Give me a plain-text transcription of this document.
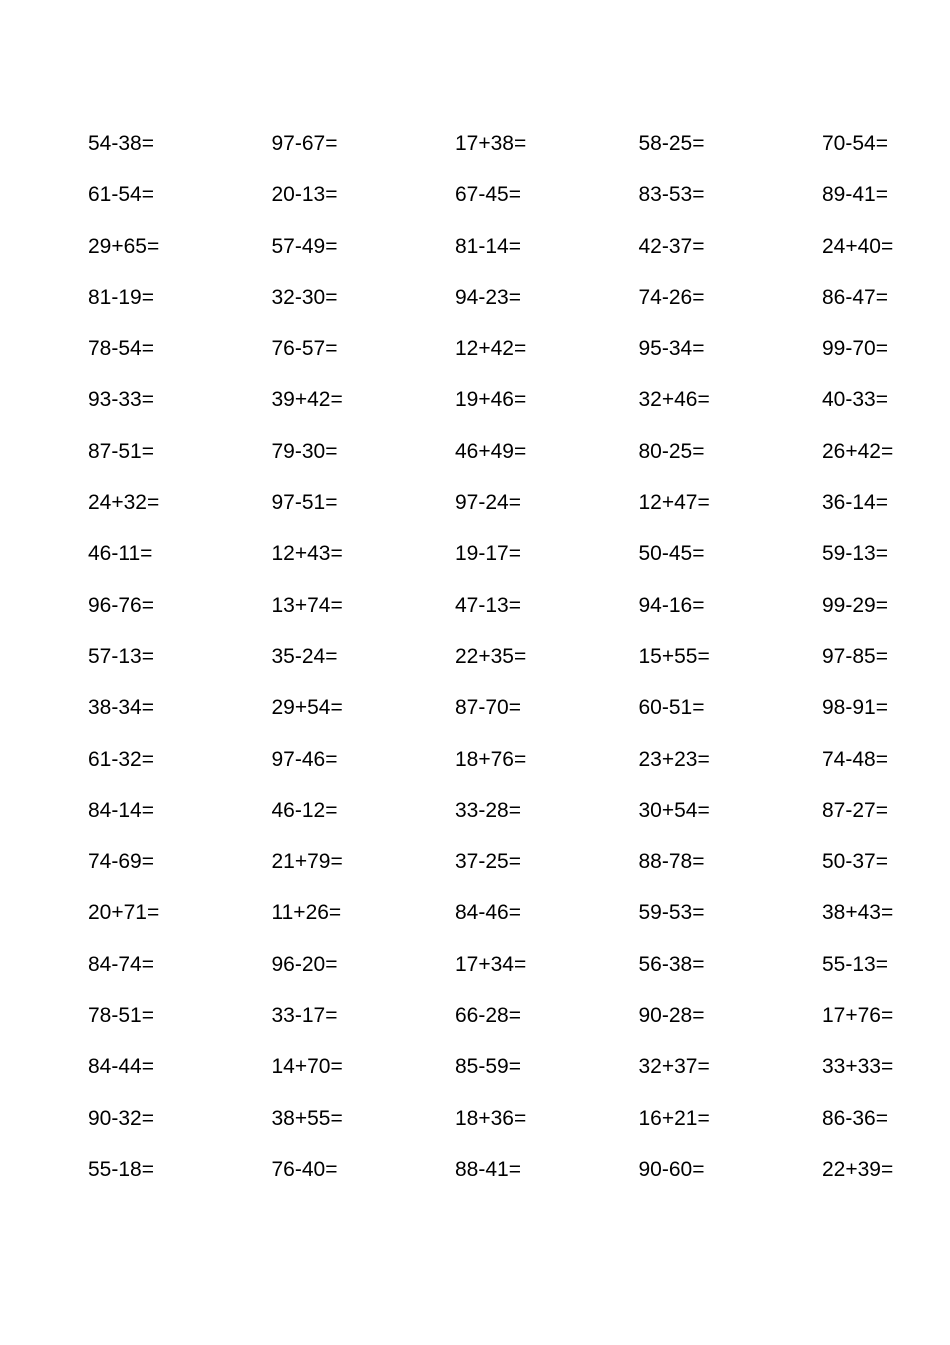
54-38=	97-67=	17+38=	58-25=	70-54=
61-54=	20-13=	67-45=	83-53=	89-41=
29+65=	57-49=	81-14=	42-37=	24+40=
81-19=	32-30=	94-23=	74-26=	86-47=
78-54=	76-57=	12+42=	95-34=	99-70=
93-33=	39+42=	19+46=	32+46=	40-33=
87-51=	79-30=	46+49=	80-25=	26+42=
24+32=	97-51=	97-24=	12+47=	36-14=
46-11=	12+43=	19-17=	50-45=	59-13=
96-76=	13+74=	47-13=	94-16=	99-29=
57-13=	35-24=	22+35=	15+55=	97-85=
38-34=	29+54=	87-70=	60-51=	98-91=
61-32=	97-46=	18+76=	23+23=	74-48=
84-14=	46-12=	33-28=	30+54=	87-27=
74-69=	21+79=	37-25=	88-78=	50-37=
20+71=	11+26=	84-46=	59-53=	38+43=
84-74=	96-20=	17+34=	56-38=	55-13=
78-51=	33-17=	66-28=	90-28=	17+76=
84-44=	14+70=	85-59=	32+37=	33+33=
90-32=	38+55=	18+36=	16+21=	86-36=
55-18=	76-40=	88-41=	90-60=	22+39=
